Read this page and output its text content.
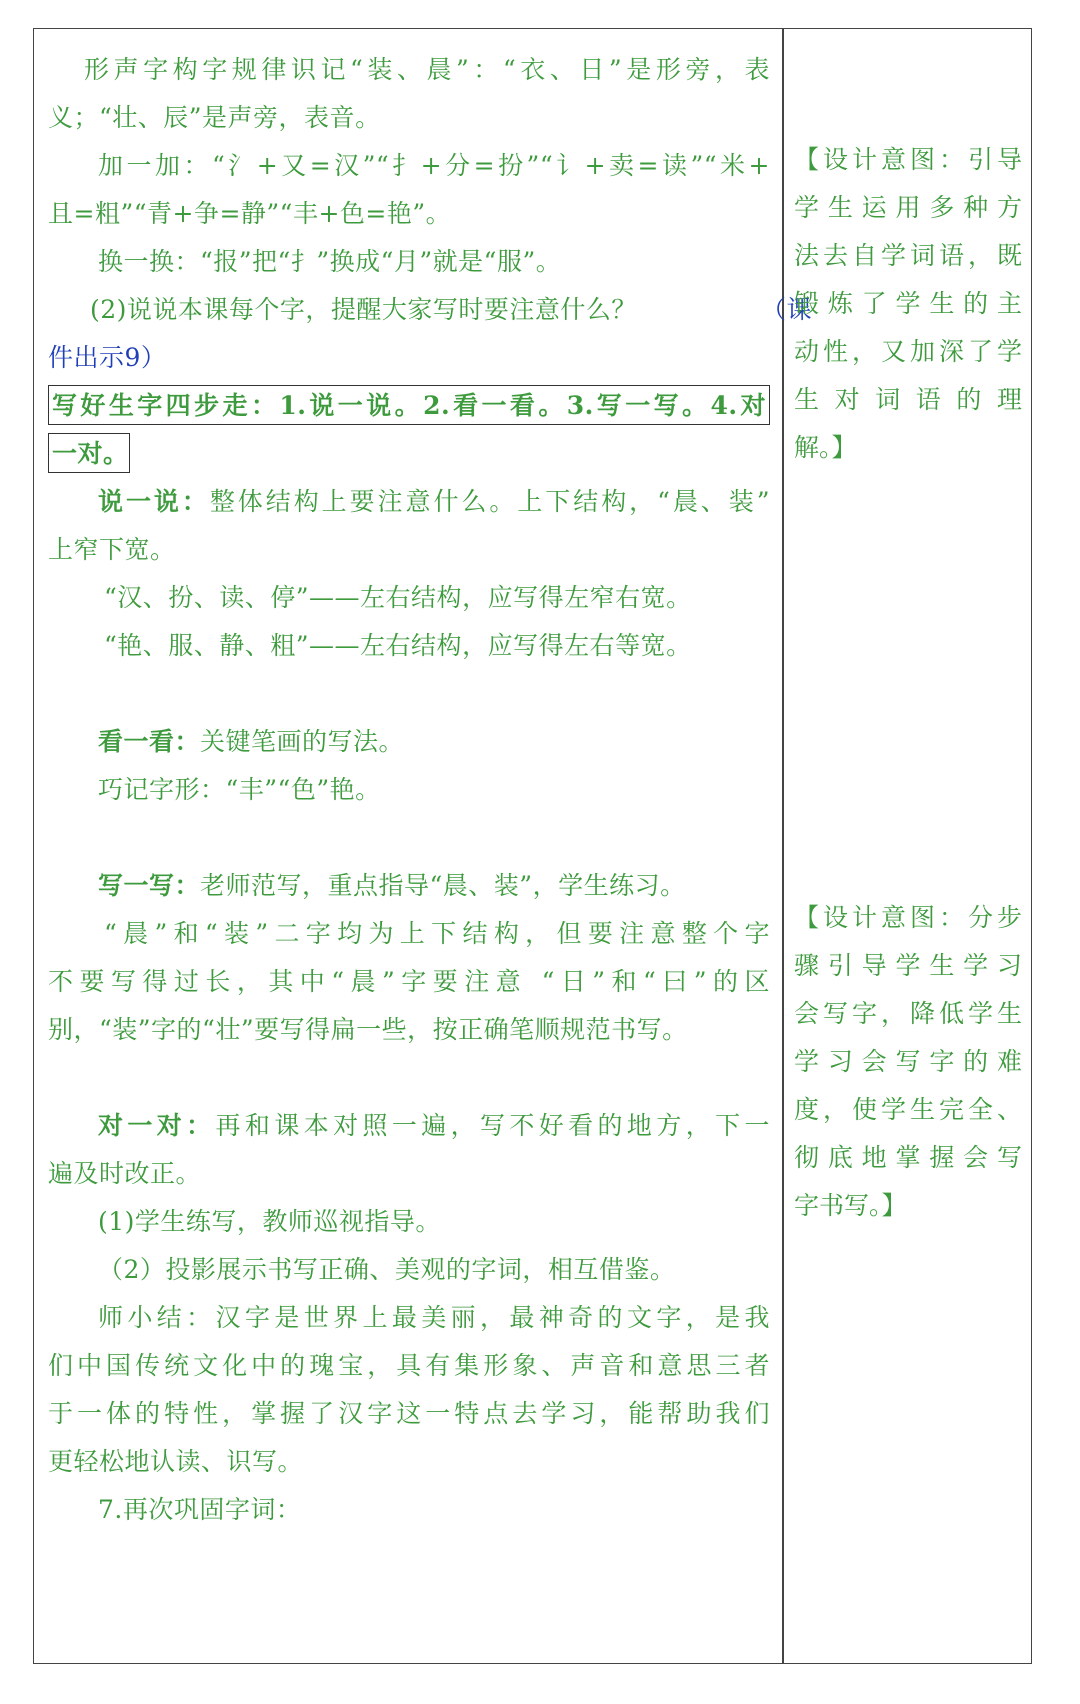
形声字构字规律识记“装、晨”：“衣、日”是形旁，表
义；“壮、辰”是声旁，表音。
加一加：“氵+又=汉”“扌+分=扮”“讠+卖=读”“米+
且=粗”“青+争=静”“丰+色=艳”。
换一换：“报”把“扌”换成“月”就是“服”。
(2)说说本课每个字，提醒大家写时要注意什么？	（课
件出示9）
写好生字四步走：1.说一说。2.看一看。3.写一写。4.对
一对。
说一说：整体结构上要注意什么。上下结构，“晨、装”
上窄下宽。
“汉、扮、读、停”——左右结构，应写得左窄右宽。
“艳、服、静、粗”——左右结构，应写得左右等宽。
看一看：关键笔画的写法。
巧记字形：“丰”“色”艳。
写一写：老师范写，重点指导“晨、装”，学生练习。
“晨”和“装”二字均为上下结构，但要注意整个字
不要写得过长，其中“晨”字要注意 “日”和“曰”的区
别，“装”字的“壮”要写得扁一些，按正确笔顺规范书写。
对一对：再和课本对照一遍，写不好看的地方，下一
遍及时改正。
(1)学生练写，教师巡视指导。
（2）投影展示书写正确、美观的字词，相互借鉴。
师小结：汉字是世界上最美丽，最神奇的文字，是我
们中国传统文化中的瑰宝，具有集形象、声音和意思三者
于一体的特性，掌握了汉字这一特点去学习，能帮助我们
更轻松地认读、识写。
7.再次巩固字词：
【设计意图：引导
学生运用多种方
法去自学词语，既
锻炼了学生的主
动性，又加深了学
生对词语的理
解。】
【设计意图：分步
骤引导学生学习
会写字，降低学生
学习会写字的难
度，使学生完全、
彻底地掌握会写
字书写。】
